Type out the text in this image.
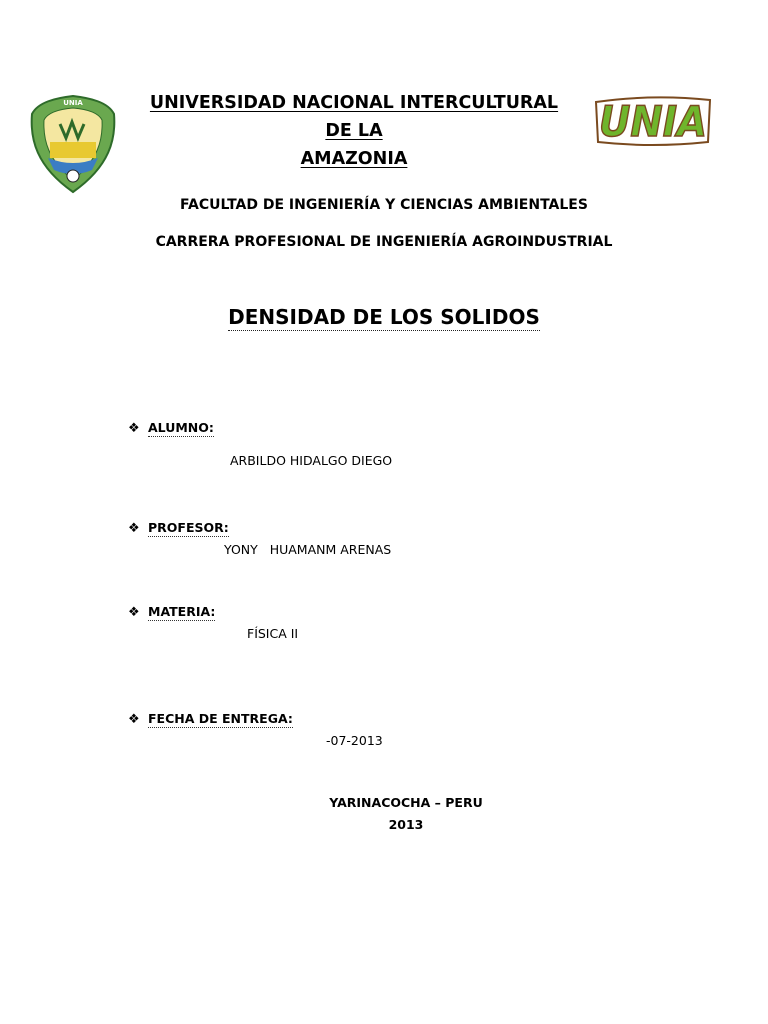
UNIA	UNIVERSIDAD NACIONAL INTERCULTURAL DE LA
AMAZONIA
UNIA
FACULTAD DE INGENIERÍA Y CIENCIAS AMBIENTALES
CARRERA PROFESIONAL DE INGENIERÍA AGROINDUSTRIAL
DENSIDAD DE LOS SOLIDOS
❖ ALUMNO:
ARBILDO HIDALGO DIEGO
❖ PROFESOR:
YONY   HUAMANM ARENAS
❖ MATERIA:
FÍSICA II
❖ FECHA DE ENTREGA:
-07-2013
YARINACOCHA – PERU
2013
